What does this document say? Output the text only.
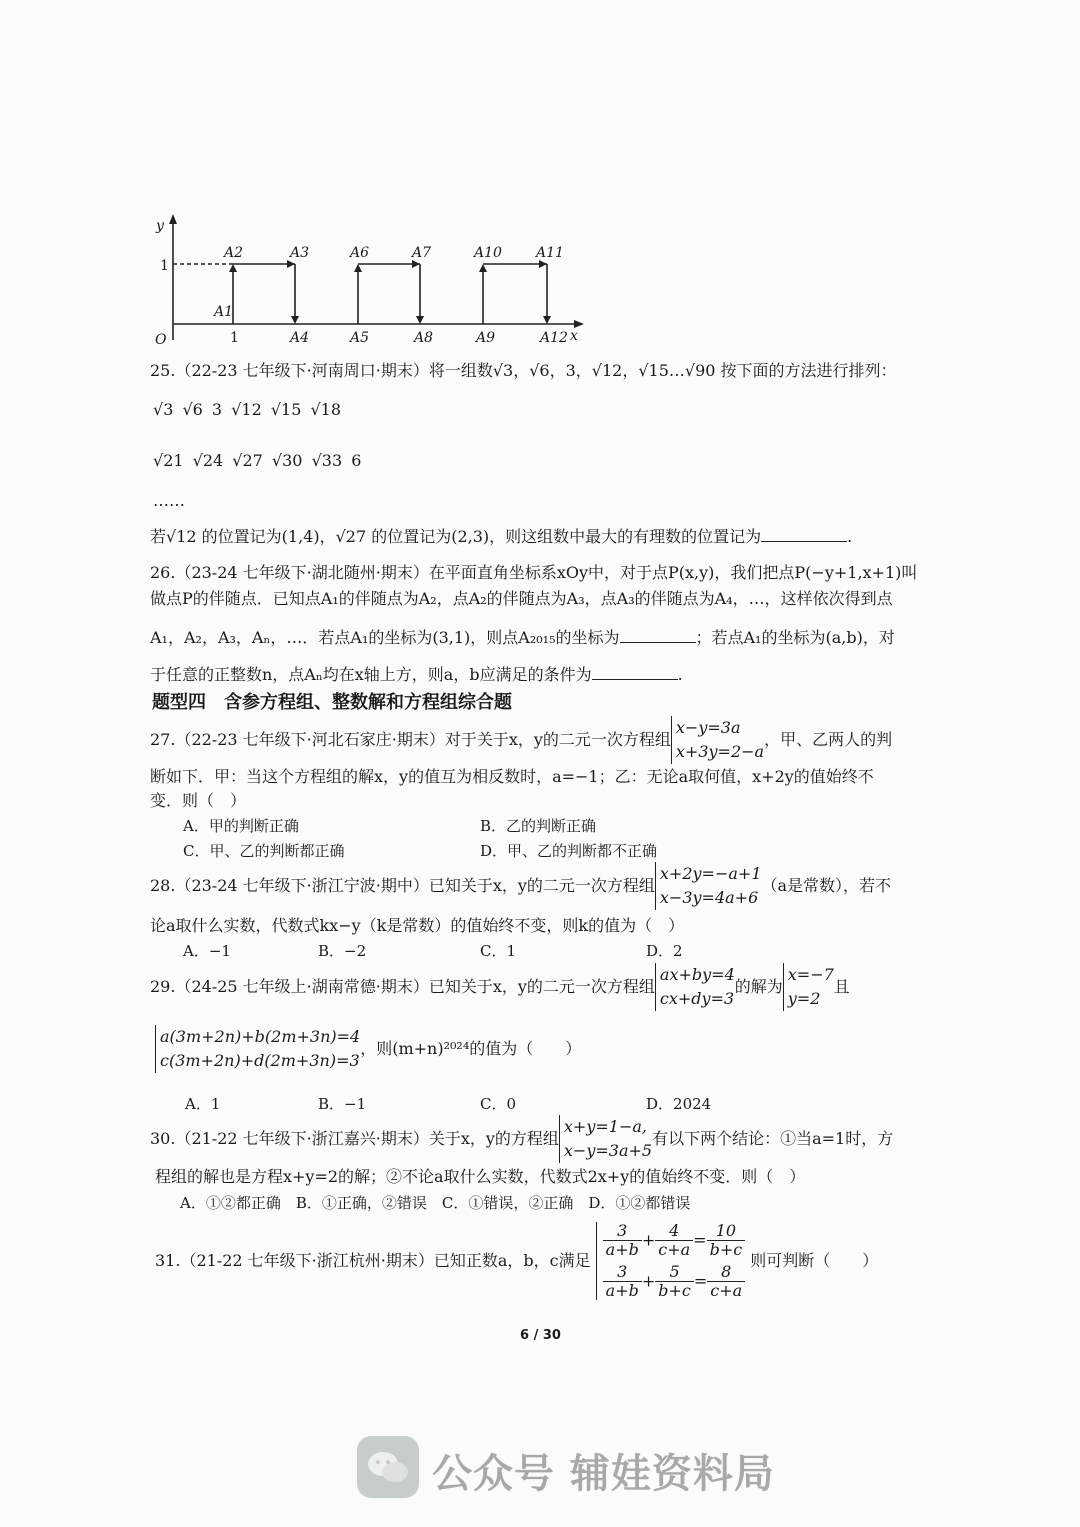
y
x
O
1
1
A1
A2	A3
A4	A5
A6	A7
A8	A9
A10 A11
A12
25.（22-23 七年级下·河南周口·期末）将一组数√3，√6，3，√12，√15…√90 按下面的方法进行排列：
√3 √6 3 √12 √15 √18
√21 √24 √27 √30 √33 6
……
若√12 的位置记为(1,4)，√27 的位置记为(2,3)，则这组数中最大的有理数的位置记为	.
26.（23-24 七年级下·湖北随州·期末）在平面直角坐标系xOy中，对于点P(x,y)，我们把点P(−y+1,x+1)叫
做点P的伴随点．已知点A₁的伴随点为A₂，点A₂的伴随点为A₃，点A₃的伴随点为A₄，…，这样依次得到点
A₁，A₂，A₃，Aₙ，…．若点A₁的坐标为(3,1)，则点A₂₀₁₅的坐标为	；若点A₁的坐标为(a,b)，对
于任意的正整数n，点Aₙ均在x轴上方，则a，b应满足的条件为	.
题型四　含参方程组、整数解和方程组综合题
27.（22-23 七年级下·河北石家庄·期末）对于关于x，y的二元一次方程组
x−y=3a
x+3y=2−a
，甲、乙两人的判
断如下．甲：当这个方程组的解x，y的值互为相反数时，a=−1；乙：无论a取何值，x+2y的值始终不
变．则（　）
A．甲的判断正确	B．乙的判断正确
C．甲、乙的判断都正确	D．甲、乙的判断都不正确
28.（23-24 七年级下·浙江宁波·期中）已知关于x，y的二元一次方程组
x+2y=−a+1
x−3y=4a+6
（a是常数），若不
论a取什么实数，代数式kx−y（k是常数）的值始终不变，则k的值为（　）
A．−1	B．−2	C．1	D．2
29.（24-25 七年级上·湖南常德·期末）已知关于x，y的二元一次方程组
ax+by=4
cx+dy=3
的解为
x=−7
y=2
且
a(3m+2n)+b(2m+3n)=4
c(3m+2n)+d(2m+3n)=3
，则(m+n)²⁰²⁴的值为（　　）
A．1	B．−1	C．0	D．2024
30.（21-22 七年级下·浙江嘉兴·期末）关于x，y的方程组
x+y=1−a,
x−y=3a+5
有以下两个结论：①当a=1时，方
程组的解也是方程x+y=2的解；②不论a取什么实数，代数式2x+y的值始终不变．则（　）
A．①②都正确　B．①正确，②错误　C．①错误，②正确　D．①②都错误
31.（21-22 七年级下·浙江杭州·期末）已知正数a，b，c满足
$\frac{3}{a+b} + \frac{4}{c+a} = \frac{10}{b+c}$
$\frac{3}{a+b} + \frac{5}{b+c} = \frac{8}{c+a}$
则可判断（　　）
6 / 30
公众号 辅娃资料局
